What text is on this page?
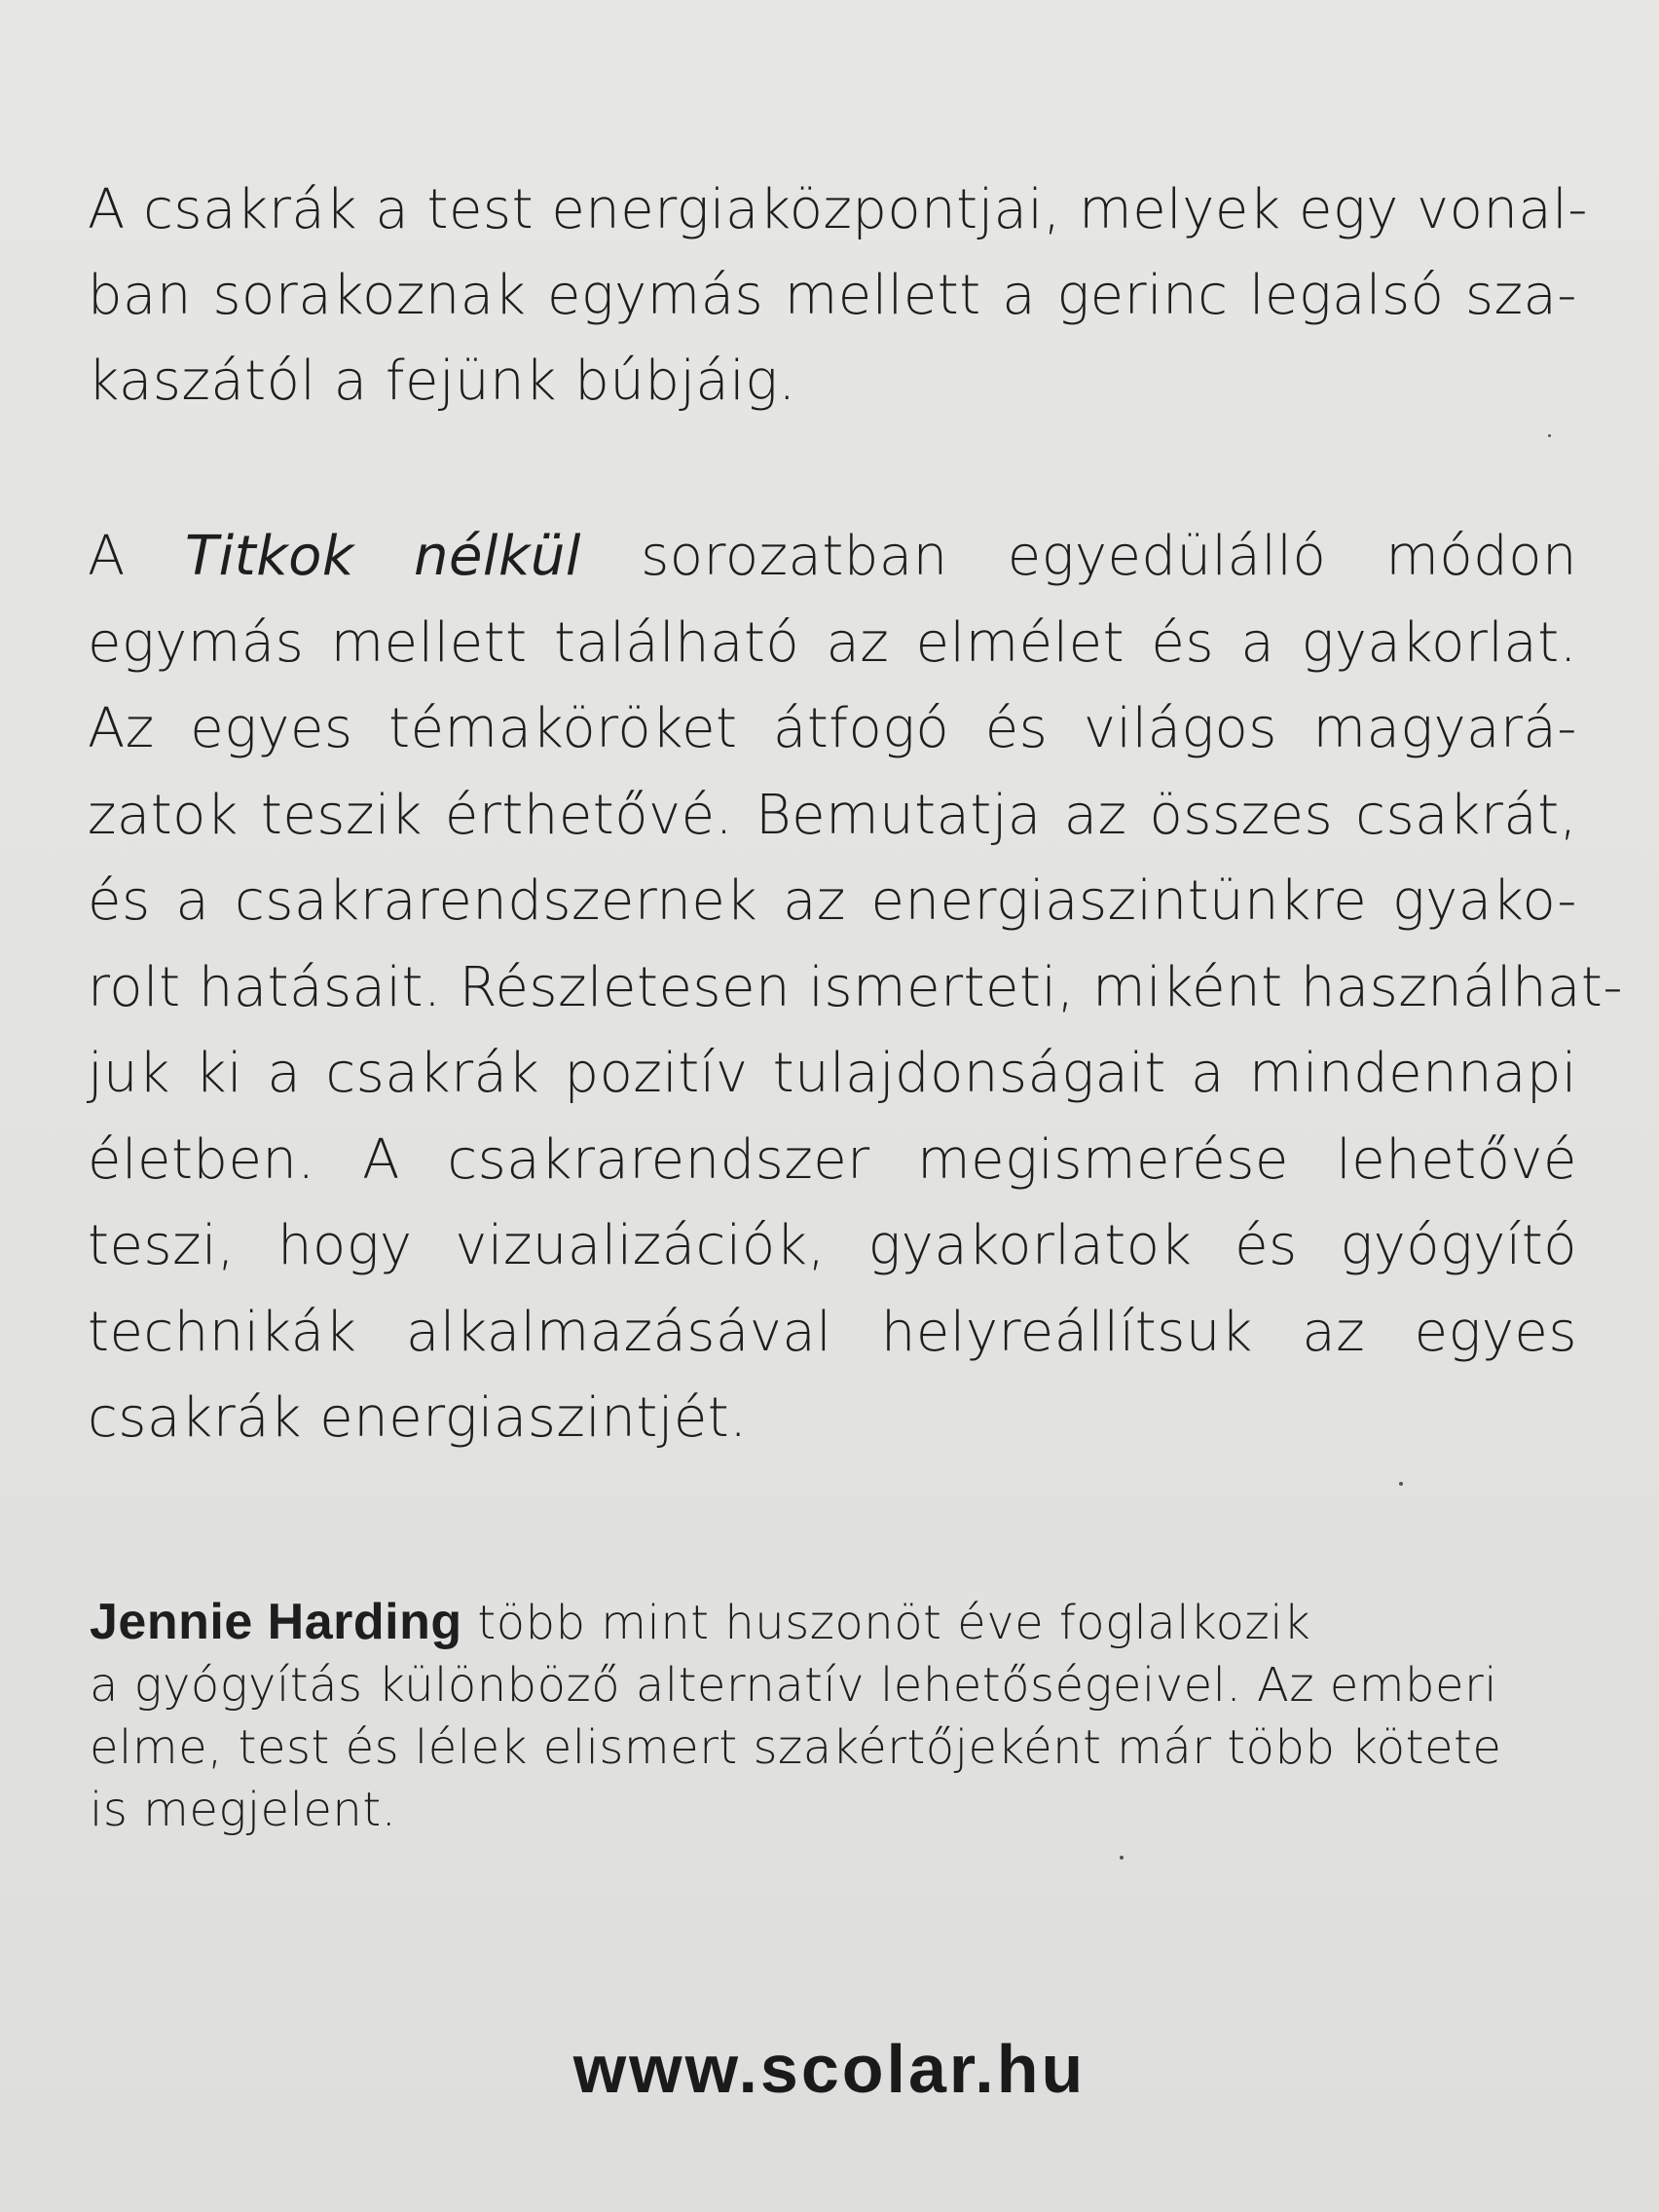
A csakrák a test energiaközpontjai, melyek egy vonal-
ban sorakoznak egymás mellett a gerinc legalsó sza-
kaszától a fejünk búbjáig.

A Titkok nélkül sorozatban egyedülálló módon
egymás mellett található az elmélet és a gyakorlat.
Az egyes témaköröket átfogó és világos magyará-
zatok teszik érthetővé. Bemutatja az összes csakrát,
és a csakrarendszernek az energiaszintünkre gyako-
rolt hatásait. Részletesen ismerteti, miként használhat-
juk ki a csakrák pozitív tulajdonságait a mindennapi
életben. A csakrarendszer megismerése lehetővé
teszi, hogy vizualizációk, gyakorlatok és gyógyító
technikák alkalmazásával helyreállítsuk az egyes
csakrák energiaszintjét.

Jennie Harding több mint huszonöt éve foglalkozik
a gyógyítás különböző alternatív lehetőségeivel. Az emberi
elme, test és lélek elismert szakértőjeként már több kötete
is megjelent.

www.scolar.hu
